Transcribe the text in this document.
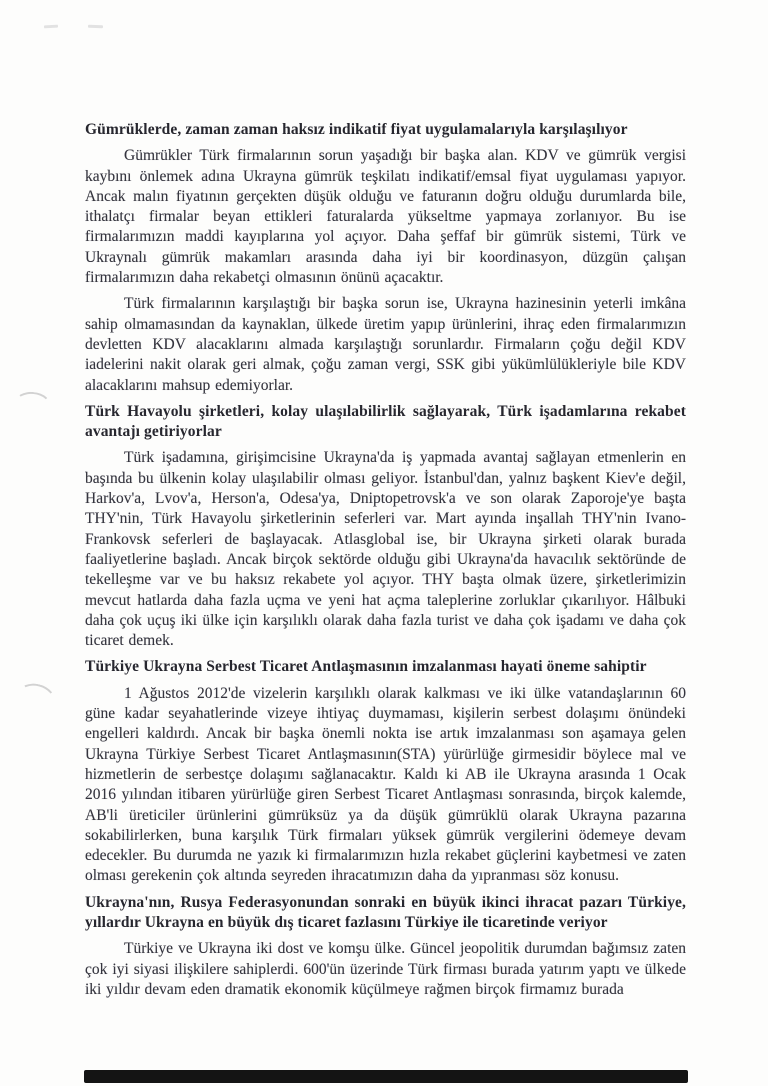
Gümrüklerde, zaman zaman haksız indikatif fiyat uygulamalarıyla karşılaşılıyor

Gümrükler Türk firmalarının sorun yaşadığı bir başka alan. KDV ve gümrük vergisi kaybını önlemek adına Ukrayna gümrük teşkilatı indikatif/emsal fiyat uygulaması yapıyor. Ancak malın fiyatının gerçekten düşük olduğu ve faturanın doğru olduğu durumlarda bile, ithalatçı firmalar beyan ettikleri faturalarda yükseltme yapmaya zorlanıyor. Bu ise firmalarımızın maddi kayıplarına yol açıyor. Daha şeffaf bir gümrük sistemi, Türk ve Ukraynalı gümrük makamları arasında daha iyi bir koordinasyon, düzgün çalışan firmalarımızın daha rekabetçi olmasının önünü açacaktır.

Türk firmalarının karşılaştığı bir başka sorun ise, Ukrayna hazinesinin yeterli imkâna sahip olmamasından da kaynaklan, ülkede üretim yapıp ürünlerini, ihraç eden firmalarımızın devletten KDV alacaklarını almada karşılaştığı sorunlardır. Firmaların çoğu değil KDV iadelerini nakit olarak geri almak, çoğu zaman vergi, SSK gibi yükümlülükleriyle bile KDV alacaklarını mahsup edemiyorlar.

Türk Havayolu şirketleri, kolay ulaşılabilirlik sağlayarak, Türk işadamlarına rekabet avantajı getiriyorlar

Türk işadamına, girişimcisine Ukrayna'da iş yapmada avantaj sağlayan etmenlerin en başında bu ülkenin kolay ulaşılabilir olması geliyor. İstanbul'dan, yalnız başkent Kiev'e değil, Harkov'a, Lvov'a, Herson'a, Odesa'ya, Dniptopetrovsk'a ve son olarak Zaporoje'ye başta THY'nin, Türk Havayolu şirketlerinin seferleri var. Mart ayında inşallah THY'nin Ivano-Frankovsk seferleri de başlayacak. Atlasglobal ise, bir Ukrayna şirketi olarak burada faaliyetlerine başladı. Ancak birçok sektörde olduğu gibi Ukrayna'da havacılık sektöründe de tekelleşme var ve bu haksız rekabete yol açıyor. THY başta olmak üzere, şirketlerimizin mevcut hatlarda daha fazla uçma ve yeni hat açma taleplerine zorluklar çıkarılıyor. Hâlbuki daha çok uçuş iki ülke için karşılıklı olarak daha fazla turist ve daha çok işadamı ve daha çok ticaret demek.

Türkiye Ukrayna Serbest Ticaret Antlaşmasının imzalanması hayati öneme sahiptir

1 Ağustos 2012'de vizelerin karşılıklı olarak kalkması ve iki ülke vatandaşlarının 60 güne kadar seyahatlerinde vizeye ihtiyaç duymaması, kişilerin serbest dolaşımı önündeki engelleri kaldırdı. Ancak bir başka önemli nokta ise artık imzalanması son aşamaya gelen Ukrayna Türkiye Serbest Ticaret Antlaşmasının(STA) yürürlüğe girmesidir böylece mal ve hizmetlerin de serbestçe dolaşımı sağlanacaktır. Kaldı ki AB ile Ukrayna arasında 1 Ocak 2016 yılından itibaren yürürlüğe giren Serbest Ticaret Antlaşması sonrasında, birçok kalemde, AB'li üreticiler ürünlerini gümrüksüz ya da düşük gümrüklü olarak Ukrayna pazarına sokabilirlerken, buna karşılık Türk firmaları yüksek gümrük vergilerini ödemeye devam edecekler. Bu durumda ne yazık ki firmalarımızın hızla rekabet güçlerini kaybetmesi ve zaten olması gerekenin çok altında seyreden ihracatımızın daha da yıpranması söz konusu.

Ukrayna'nın, Rusya Federasyonundan sonraki en büyük ikinci ihracat pazarı Türkiye, yıllardır Ukrayna en büyük dış ticaret fazlasını Türkiye ile ticaretinde veriyor

Türkiye ve Ukrayna iki dost ve komşu ülke. Güncel jeopolitik durumdan bağımsız zaten çok iyi siyasi ilişkilere sahiplerdi. 600'ün üzerinde Türk firması burada yatırım yaptı ve ülkede iki yıldır devam eden dramatik ekonomik küçülmeye rağmen birçok firmamız burada
